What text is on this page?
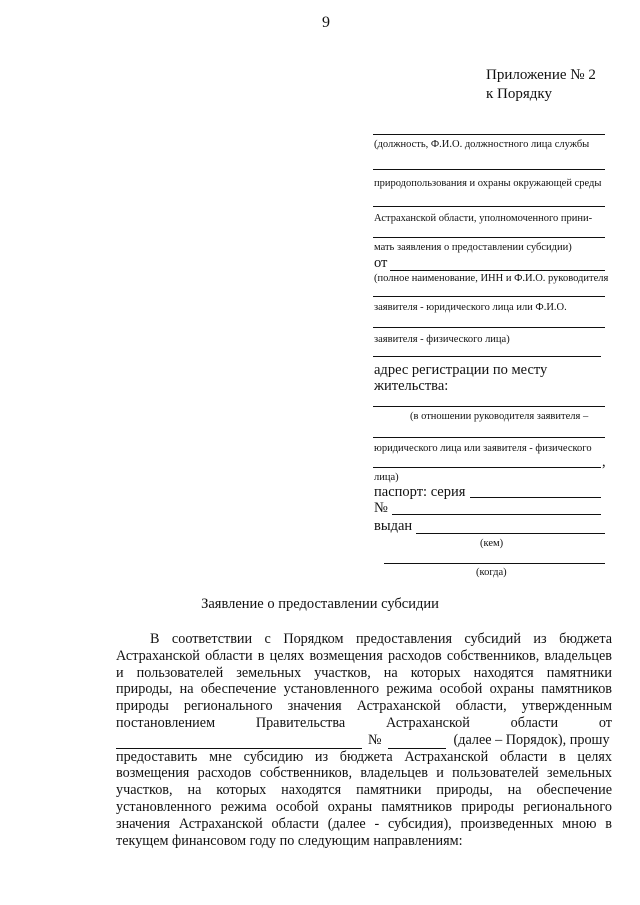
9
Приложение № 2
к Порядку
(должность, Ф.И.О. должностного лица службы
природопользования и охраны окружающей среды
Астраханской области, уполномоченного прини-
мать заявления о предоставлении субсидии)
от
(полное наименование, ИНН и Ф.И.О. руководителя
заявителя - юридического лица или Ф.И.О.
заявителя - физического лица)
адрес регистрации по месту
жительства:
(в отношении руководителя заявителя –
юридического лица или заявителя - физического
,
лица)
паспорт: серия
№
выдан
(кем)
(когда)
Заявление о предоставлении субсидии
В соответствии с Порядком предоставления субсидий из бюджета
Астраханской области в целях возмещения расходов собственников, владельцев
и пользователей земельных участков, на которых находятся памятники
природы, на обеспечение установленного режима особой охраны памятников
природы регионального значения Астраханской области, утвержденным
постановлением	Правительства	Астраханской	области	от
№	(далее – Порядок), прошу
предоставить мне субсидию из бюджета Астраханской области в целях
возмещения расходов собственников, владельцев и пользователей земельных
участков, на которых находятся памятники природы, на обеспечение
установленного режима особой охраны памятников природы регионального
значения Астраханской области (далее - субсидия), произведенных мною в
текущем финансовом году по следующим направлениям:
